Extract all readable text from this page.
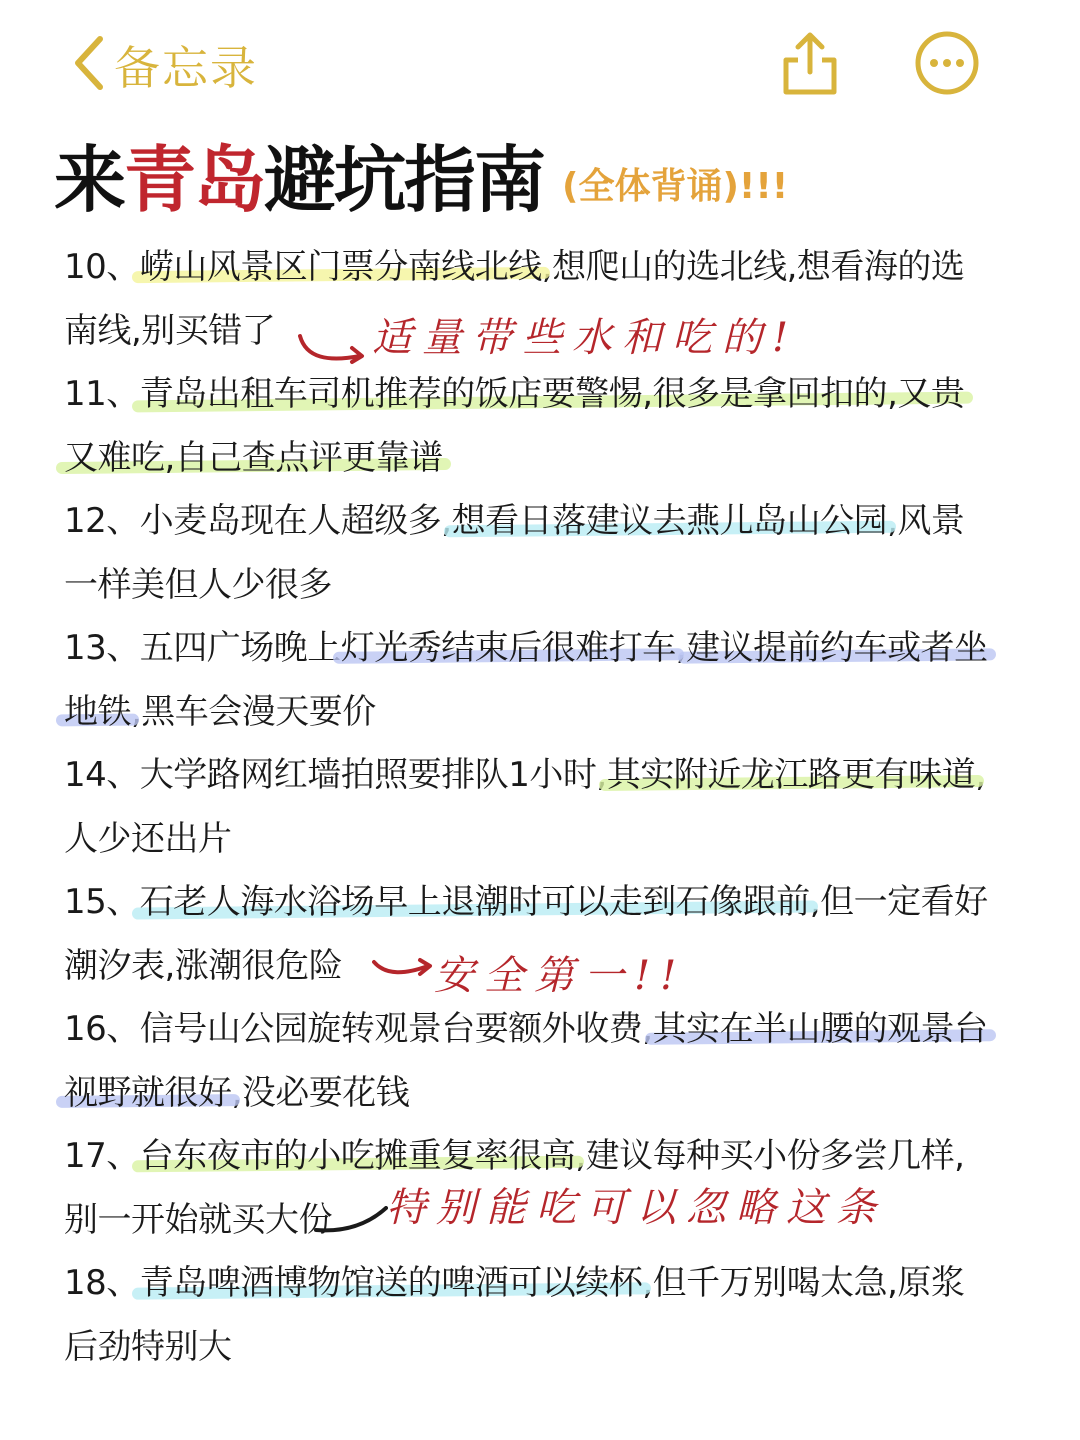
备忘录
来青岛避坑指南 (全体背诵)!!!
10、崂山风景区门票分南线北线,想爬山的选北线,想看海的选
南线,别买错了
11、青岛出租车司机推荐的饭店要警惕,很多是拿回扣的,又贵
又难吃,自己查点评更靠谱
12、小麦岛现在人超级多,想看日落建议去燕儿岛山公园,风景
一样美但人少很多
13、五四广场晚上灯光秀结束后很难打车,建议提前约车或者坐
地铁,黑车会漫天要价
14、大学路网红墙拍照要排队1小时,其实附近龙江路更有味道,
人少还出片
15、石老人海水浴场早上退潮时可以走到石像跟前,但一定看好
潮汐表,涨潮很危险
16、信号山公园旋转观景台要额外收费,其实在半山腰的观景台
视野就很好,没必要花钱
17、台东夜市的小吃摊重复率很高,建议每种买小份多尝几样,
别一开始就买大份
18、青岛啤酒博物馆送的啤酒可以续杯,但千万别喝太急,原浆
后劲特别大
适量带些水和吃的!
安全第一!!
特别能吃可以忽略这条
